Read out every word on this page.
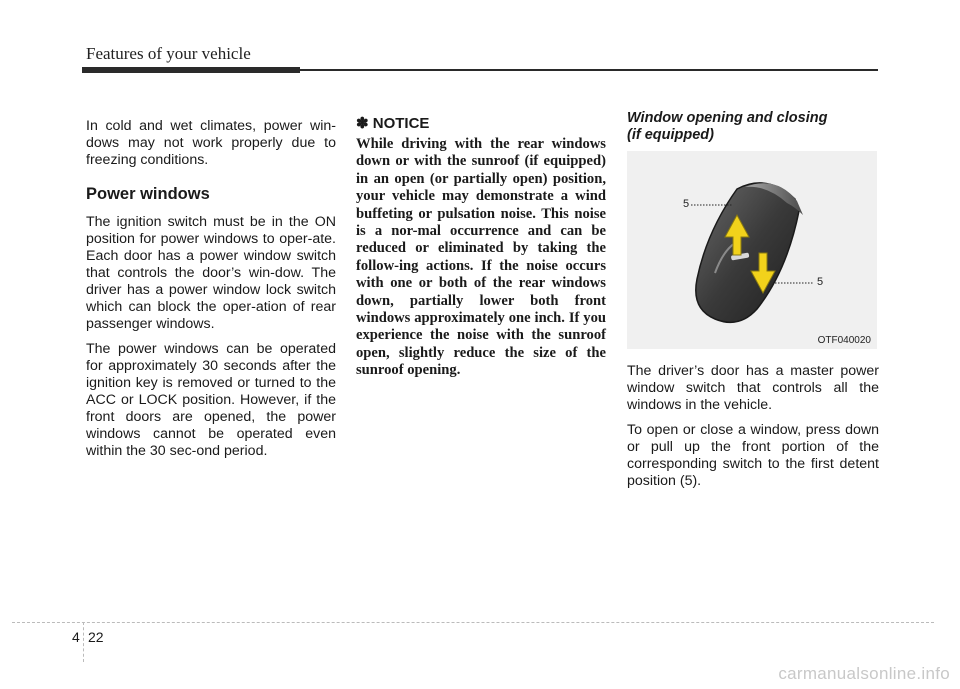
Features of your vehicle

In cold and wet climates, power win-dows may not work properly due to freezing conditions.

Power windows

The ignition switch must be in the ON position for power windows to oper-ate. Each door has a power window switch that controls the door’s win-dow. The driver has a power window lock switch which can block the oper-ation of rear passenger windows.

The power windows can be operated for approximately 30 seconds after the ignition key is removed or turned to the ACC or LOCK position. However, if the front doors are opened, the power windows cannot be operated even within the 30 sec-ond period.

✽ NOTICE

While driving with the rear windows down or with the sunroof (if equipped) in an open (or partially open) position, your vehicle may demonstrate a wind buffeting or pulsation noise. This noise is a nor-mal occurrence and can be reduced or eliminated by taking the follow-ing actions. If the noise occurs with one or both of the rear windows down, partially lower both front windows approximately one inch. If you experience the noise with the sunroof open, slightly reduce the size of the sunroof opening.

Window opening and closing
(if equipped)
5
5
OTF040020

The driver’s door has a master power window switch that controls all the windows in the vehicle.

To open or close a window, press down or pull up the front portion of the corresponding switch to the first detent position (5).

4 22
carmanualsonline.info
